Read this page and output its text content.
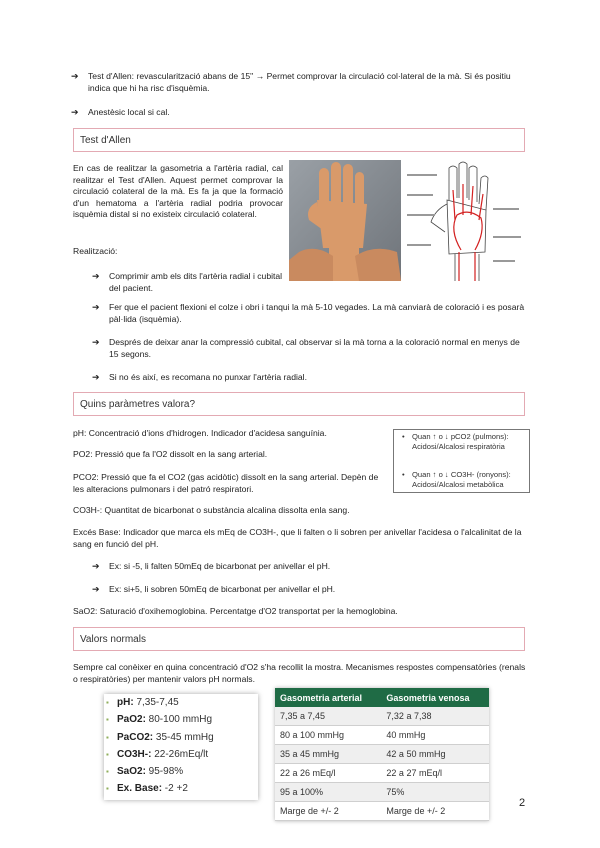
➔ Test d'Allen: revascularització abans de 15" → Permet comprovar la circulació col·lateral de la mà. Si és positiu indica que hi ha risc d'isquèmia.
➔ Anestèsic local si cal.
Test d'Allen
En cas de realitzar la gasometria a l'artèria radial, cal realitzar el Test d'Allen. Aquest permet comprovar la circulació colateral de la mà. Es fa ja que la formació d'un hematoma a l'artèria radial podria provocar isquèmia distal si no existeix circulació colateral.
Realització:
➔ Comprimir amb els dits l'artèria radial i cubital del pacient.
➔ Fer que el pacient flexioni el colze i obri i tanqui la mà 5-10 vegades. La mà canviarà de coloració i es posarà pàl·lida (isquèmia).
➔ Després de deixar anar la compressió cubital, cal observar si la mà torna a la coloració normal en menys de 15 segons.
➔ Si no és així, es recomana no punxar l'artèria radial.
Quins paràmetres valora?
pH: Concentració d'ions d'hidrogen. Indicador d'acidesa sanguínia.
PO2: Pressió que fa l'O2 dissolt en la sang arterial.
PCO2: Pressió que fa el CO2 (gas acidòtic) dissolt en la sang arterial. Depèn de les alteracions pulmonars i del patró respiratori.
• Quan ↑ o ↓ pCO2 (pulmons): Acidosi/Alcalosi respiratòria
• Quan ↑ o ↓ CO3H- (ronyons): Acidosi/Alcalosi metabòlica
CO3H-: Quantitat de bicarbonat o substància alcalina dissolta enla sang.
Excés Base: Indicador que marca els mEq de CO3H-, que li falten o li sobren per anivellar l'acidesa o l'alcalinitat de la sang en funció del pH.
➔ Ex: si -5, li falten 50mEq de bicarbonat per anivellar el pH.
➔ Ex: si+5, li sobren 50mEq de bicarbonat per anivellar el pH.
SaO2: Saturació d'oxihemoglobina. Percentatge d'O2 transportat per la hemoglobina.
Valors normals
Sempre cal conèixer en quina concentració d'O2 s'ha recollit la mostra. Mecanismes respostes compensatòries (renals o respiratòries) per mantenir valors pH normals.
▪ pH: 7,35-7,45
▪ PaO2: 80-100 mmHg
▪ PaCO2: 35-45 mmHg
▪ CO3H-: 22-26mEq/lt
▪ SaO2: 95-98%
▪ Ex. Base: -2 +2
Gasometria arterial	Gasometria venosa
7,35 a 7,45	7,32 a 7,38
80 a 100 mmHg	40 mmHg
35 a 45 mmHg	42 a 50 mmHg
22 a 26 mEq/l	22 a 27 mEq/l
95 a 100%	75%
Marge de +/- 2	Marge de +/- 2
2
